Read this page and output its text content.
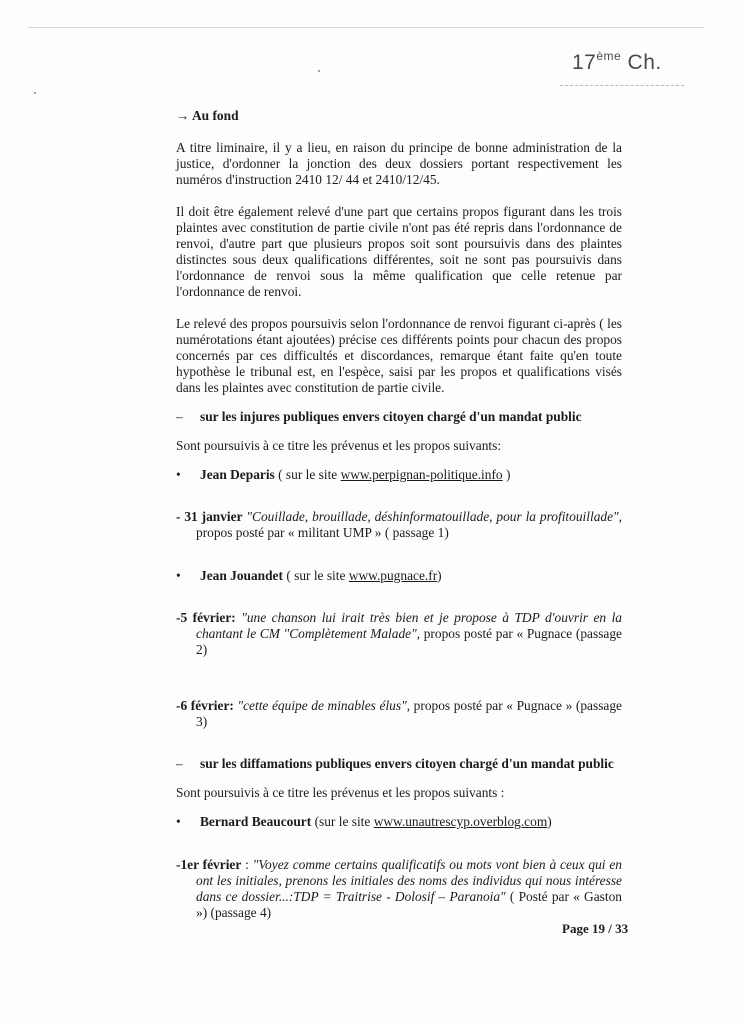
17ème Ch.

→ Au fond

A titre liminaire, il y a lieu, en raison du principe de bonne administration de la justice, d'ordonner la jonction des deux dossiers portant respectivement les numéros d'instruction 2410 12/ 44 et 2410/12/45.

Il doit être également relevé d'une part que certains propos figurant dans les trois plaintes avec constitution de partie civile n'ont pas été repris dans l'ordonnance de renvoi, d'autre part que plusieurs propos soit sont poursuivis dans des plaintes distinctes sous deux qualifications différentes, soit ne sont pas poursuivis dans l'ordonnance de renvoi sous la même qualification que celle retenue par l'ordonnance de renvoi.

Le relevé des propos poursuivis selon l'ordonnance de renvoi figurant ci-après ( les numérotations étant ajoutées) précise ces différents points pour chacun des propos concernés par ces difficultés et discordances, remarque étant faite qu'en toute hypothèse le tribunal est, en l'espèce, saisi par les propos et qualifications visés dans les plaintes avec constitution de partie civile.

– sur les injures publiques envers citoyen chargé d'un mandat public

Sont poursuivis à ce titre les prévenus et les propos suivants:

• Jean Deparis ( sur le site www.perpignan-politique.info )

- 31 janvier "Couillade, brouillade, déshinformatouillade, pour la profitouillade", propos posté par « militant UMP » ( passage 1)

• Jean Jouandet ( sur le site www.pugnace.fr)

-5 février: "une chanson lui irait très bien et je propose à TDP d'ouvrir en la chantant le CM "Complètement Malade", propos posté par « Pugnace (passage 2)

-6 février: "cette équipe de minables élus", propos posté par « Pugnace » (passage 3)

– sur les diffamations publiques envers citoyen chargé d'un mandat public

Sont poursuivis à ce titre les prévenus et les propos suivants :

• Bernard Beaucourt (sur le site www.unautrescyp.overblog.com)

-1er février : "Voyez comme certains qualificatifs ou mots vont bien à ceux qui en ont les initiales, prenons les initiales des noms des individus qui nous intéresse dans ce dossier...:TDP = Traitrise - Dolosif – Paranoia" ( Posté par « Gaston ») (passage 4)

Page 19 / 33
